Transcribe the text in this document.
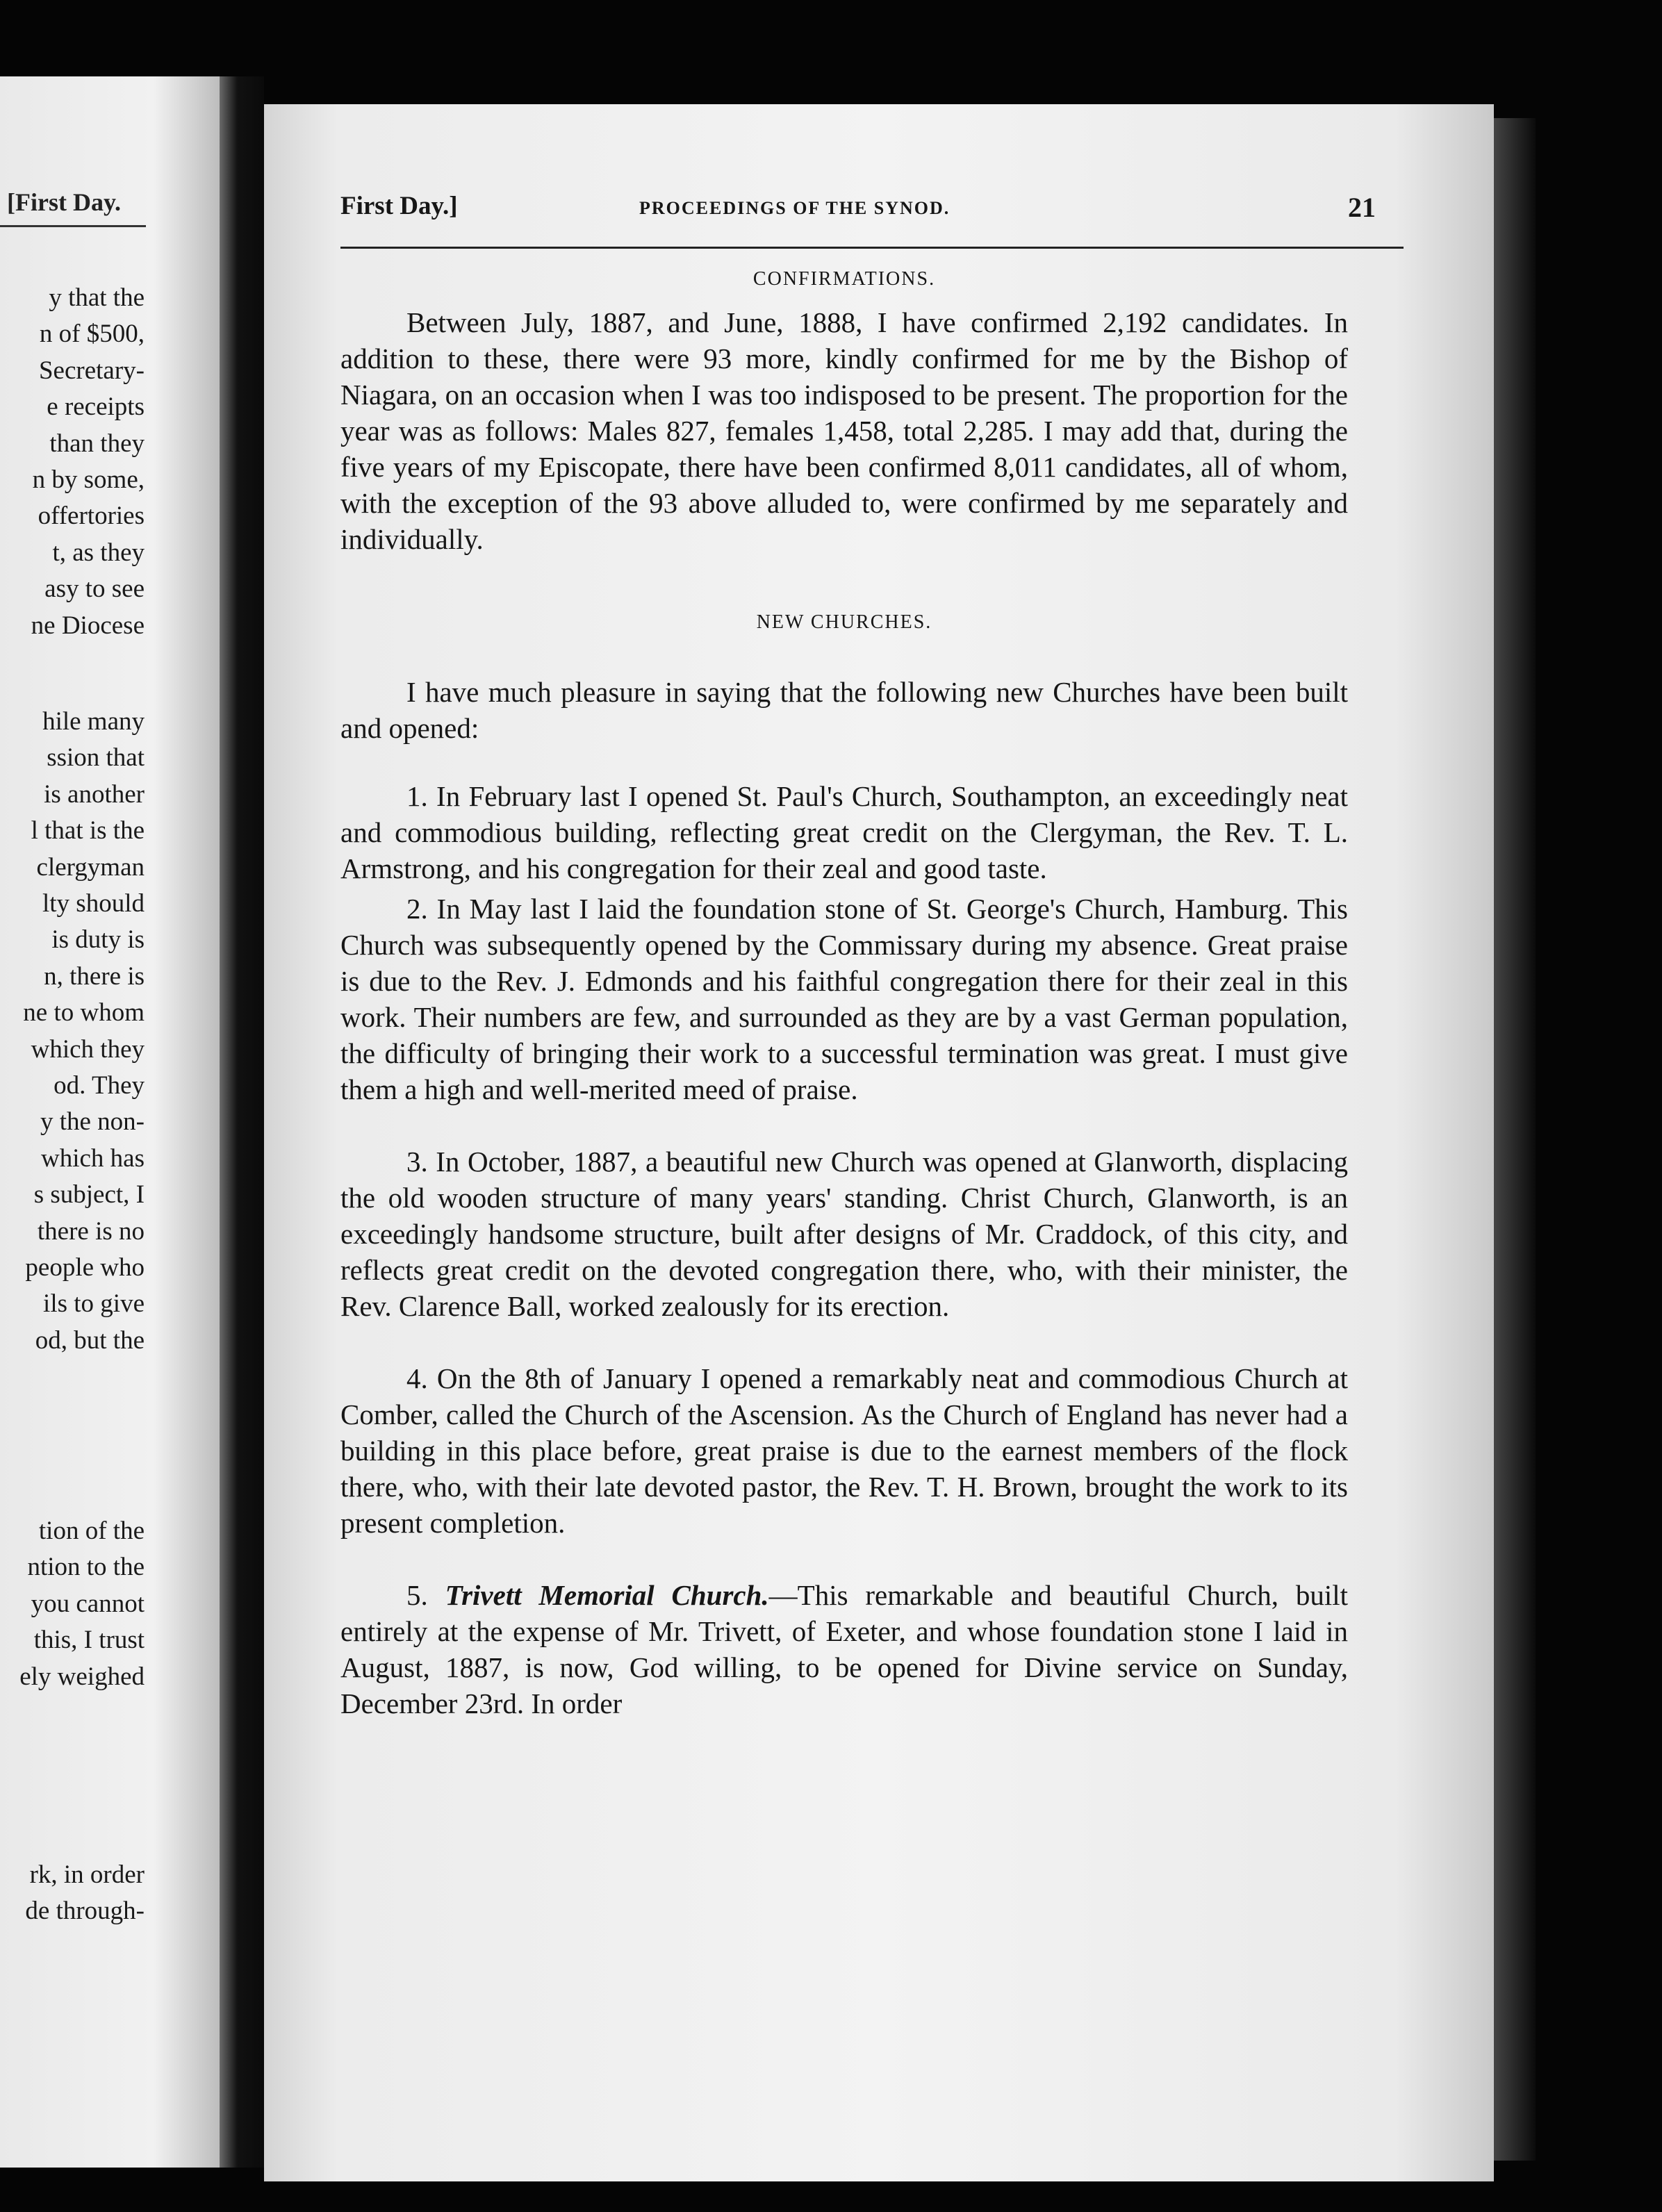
[First Day.
y that the
n of $500,
Secretary-
e receipts
than they
n by some,
offertories
t, as they
asy to see
ne Diocese
hile many
ssion that
is another
l that is the
clergyman
lty should
is duty is
n, there is
ne to whom
which they
od. They
y the non-
which has
s subject, I
there is no
people who
ils to give
od, but the
tion of the
ntion to the
you cannot
this, I trust
ely weighed
rk, in order
de through-
First Day.]	PROCEEDINGS OF THE SYNOD.	21

CONFIRMATIONS.

Between July, 1887, and June, 1888, I have confirmed 2,192 candidates. In addition to these, there were 93 more, kindly confirmed for me by the Bishop of Niagara, on an occasion when I was too indisposed to be present. The proportion for the year was as follows: Males 827, females 1,458, total 2,285. I may add that, during the five years of my Episcopate, there have been confirmed 8,011 candidates, all of whom, with the exception of the 93 above alluded to, were confirmed by me separately and individually.

NEW CHURCHES.

I have much pleasure in saying that the following new Churches have been built and opened:

1. In February last I opened St. Paul's Church, Southampton, an exceedingly neat and commodious building, reflecting great credit on the Clergyman, the Rev. T. L. Armstrong, and his congregation for their zeal and good taste.

2. In May last I laid the foundation stone of St. George's Church, Hamburg. This Church was subsequently opened by the Commissary during my absence. Great praise is due to the Rev. J. Edmonds and his faithful congregation there for their zeal in this work. Their numbers are few, and surrounded as they are by a vast German population, the difficulty of bringing their work to a successful termination was great. I must give them a high and well-merited meed of praise.

3. In October, 1887, a beautiful new Church was opened at Glanworth, displacing the old wooden structure of many years' standing. Christ Church, Glanworth, is an exceedingly handsome structure, built after designs of Mr. Craddock, of this city, and reflects great credit on the devoted congregation there, who, with their minister, the Rev. Clarence Ball, worked zealously for its erection.

4. On the 8th of January I opened a remarkably neat and commodious Church at Comber, called the Church of the Ascension. As the Church of England has never had a building in this place before, great praise is due to the earnest members of the flock there, who, with their late devoted pastor, the Rev. T. H. Brown, brought the work to its present completion.

5. Trivett Memorial Church.—This remarkable and beautiful Church, built entirely at the expense of Mr. Trivett, of Exeter, and whose foundation stone I laid in August, 1887, is now, God willing, to be opened for Divine service on Sunday, December 23rd. In order
